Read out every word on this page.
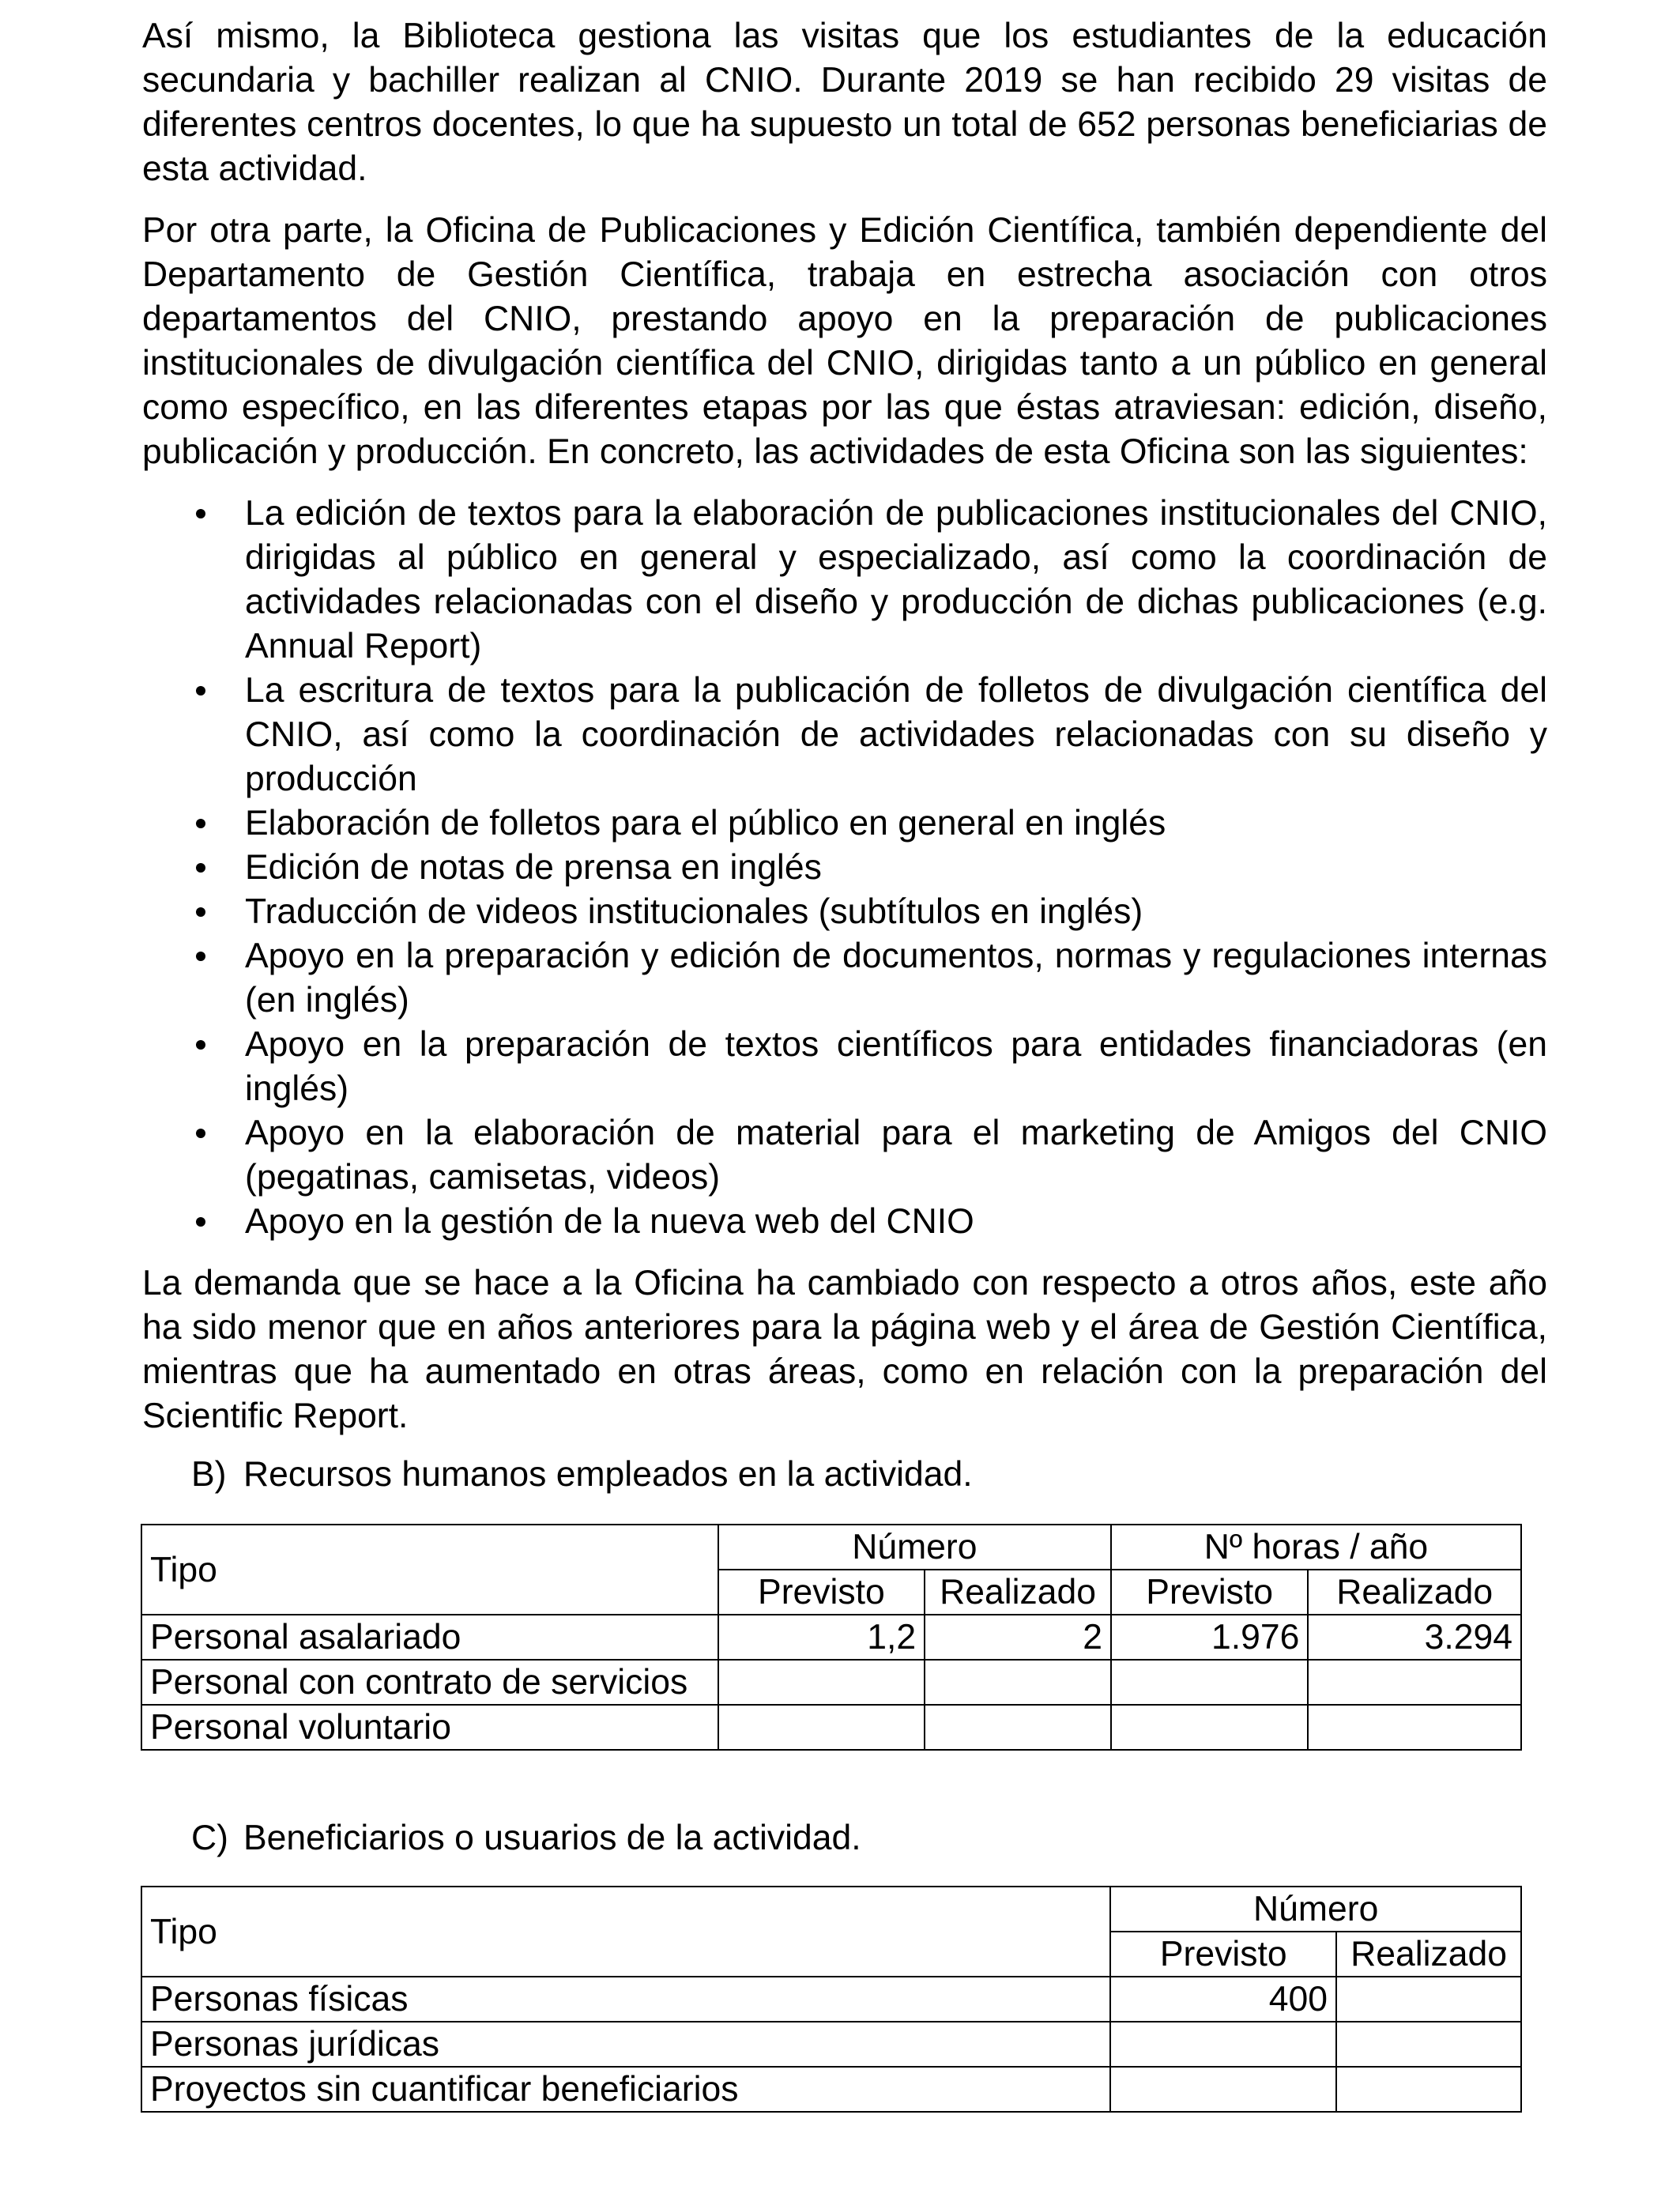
Así mismo, la Biblioteca gestiona las visitas que los estudiantes de la educación secundaria y bachiller realizan al CNIO. Durante 2019 se han recibido 29 visitas de diferentes centros docentes, lo que ha supuesto un total de 652 personas beneficiarias de esta actividad.

Por otra parte, la Oficina de Publicaciones y Edición Científica, también dependiente del Departamento de Gestión Científica, trabaja en estrecha asociación con otros departamentos del CNIO, prestando apoyo en la preparación de publicaciones institucionales de divulgación científica del CNIO, dirigidas tanto a un público en general como específico, en las diferentes etapas por las que éstas atraviesan: edición, diseño, publicación y producción. En concreto, las actividades de esta Oficina son las siguientes:

La edición de textos para la elaboración de publicaciones institucionales del CNIO, dirigidas al público en general y especializado, así como la coordinación de actividades relacionadas con el diseño y producción de dichas publicaciones (e.g. Annual Report)
La escritura de textos para la publicación de folletos de divulgación científica del CNIO, así como la coordinación de actividades relacionadas con su diseño y producción
Elaboración de folletos para el público en general en inglés
Edición de notas de prensa en inglés
Traducción de videos institucionales (subtítulos en inglés)
Apoyo en la preparación y edición de documentos, normas y regulaciones internas (en inglés)
Apoyo en la preparación de textos científicos para entidades financiadoras (en inglés)
Apoyo en la elaboración de material para el marketing de Amigos del CNIO (pegatinas, camisetas, videos)
Apoyo en la gestión de la nueva web del CNIO

La demanda que se hace a la Oficina ha cambiado con respecto a otros años, este año ha sido menor que en años anteriores para la página web y el área de Gestión Científica, mientras que ha aumentado en otras áreas, como en relación con la preparación del Scientific Report.

B) Recursos humanos empleados en la actividad.
Tipo	Número		Nº horas / año	
	Previsto	Realizado	Previsto	Realizado
Personal asalariado	1,2	2	1.976	3.294
Personal con contrato de servicios				
Personal voluntario				
C) Beneficiarios o usuarios de la actividad.
Tipo	Número	
	Previsto	Realizado
Personas físicas	400	
Personas jurídicas		
Proyectos sin cuantificar beneficiarios		
